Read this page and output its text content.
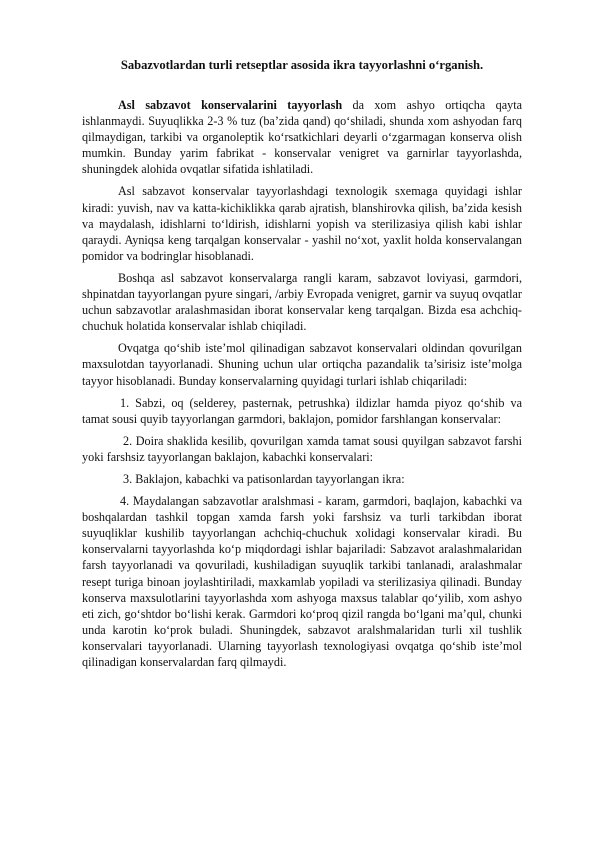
Sabazvotlardan turli retseptlar asosida ikra tayyorlashni o‘rganish.

Asl sabzavot konservalarini tayyorlash da xom ashyo ortiqcha qayta ishlanmaydi. Suyuqlikka 2-3 % tuz (ba’zida qand) qo‘shiladi, shunda xom ashyodan farq qilmaydigan, tarkibi va organoleptik ko‘rsatkichlari deyarli o‘zgarmagan konserva olish mumkin. Bunday yarim fabrikat - konservalar venigret va garnirlar tayyorlashda, shuningdek alohida ovqatlar sifatida ishlatiladi.

Asl sabzavot konservalar tayyorlashdagi texnologik sxemaga quyidagi ishlar kiradi: yuvish, nav va katta-kichiklikka qarab ajratish, blanshirovka qilish, ba’zida kesish va maydalash, idishlarni to‘ldirish, idishlarni yopish va sterilizasiya qilish kabi ishlar qaraydi. Ayniqsa keng tarqalgan konservalar - yashil no‘xot, yaxlit holda konservalangan pomidor va bodringlar hisoblanadi.

Boshqa asl sabzavot konservalarga rangli karam, sabzavot loviyasi, garmdori, shpinatdan tayyorlangan pyure singari, /arbiy Evropada venigret, garnir va suyuq ovqatlar uchun sabzavotlar aralashmasidan iborat konservalar keng tarqalgan. Bizda esa achchiq-chuchuk holatida konservalar ishlab chiqiladi.

Ovqatga qo‘shib iste’mol qilinadigan sabzavot konservalari oldindan qovurilgan maxsulotdan tayyorlanadi. Shuning uchun ular ortiqcha pazandalik ta’sirisiz iste’molga tayyor hisoblanadi. Bunday konservalarning quyidagi turlari ishlab chiqariladi:

1. Sabzi, oq (selderey, pasternak, petrushka) ildizlar hamda piyoz qo‘shib va tamat sousi quyib tayyorlangan garmdori, baklajon, pomidor farshlangan konservalar:

2. Doira shaklida kesilib, qovurilgan xamda tamat sousi quyilgan sabzavot farshi yoki farshsiz tayyorlangan baklajon, kabachki konservalari:

3. Baklajon, kabachki va patisonlardan tayyorlangan ikra:

4. Maydalangan sabzavotlar aralshmasi - karam, garmdori, baqlajon, kabachki va boshqalardan tashkil topgan xamda farsh yoki farshsiz va turli tarkibdan iborat suyuqliklar kushilib tayyorlangan achchiq-chuchuk xolidagi konservalar kiradi. Bu konservalarni tayyorlashda ko‘p miqdordagi ishlar bajariladi: Sabzavot aralashmalaridan farsh tayyorlanadi va qovuriladi, kushiladigan suyuqlik tarkibi tanlanadi, aralashmalar resept turiga binoan joylashtiriladi, maxkamlab yopiladi va sterilizasiya qilinadi. Bunday konserva maxsulotlarini tayyorlashda xom ashyoga maxsus talablar qo‘yilib, xom ashyo eti zich, go‘shtdor bo‘lishi kerak. Garmdori ko‘proq qizil rangda bo‘lgani ma’qul, chunki unda karotin ko‘prok buladi. Shuningdek, sabzavot aralshmalaridan turli xil tushlik konservalari tayyorlanadi. Ularning tayyorlash texnologiyasi ovqatga qo‘shib iste’mol qilinadigan konservalardan farq qilmaydi.
